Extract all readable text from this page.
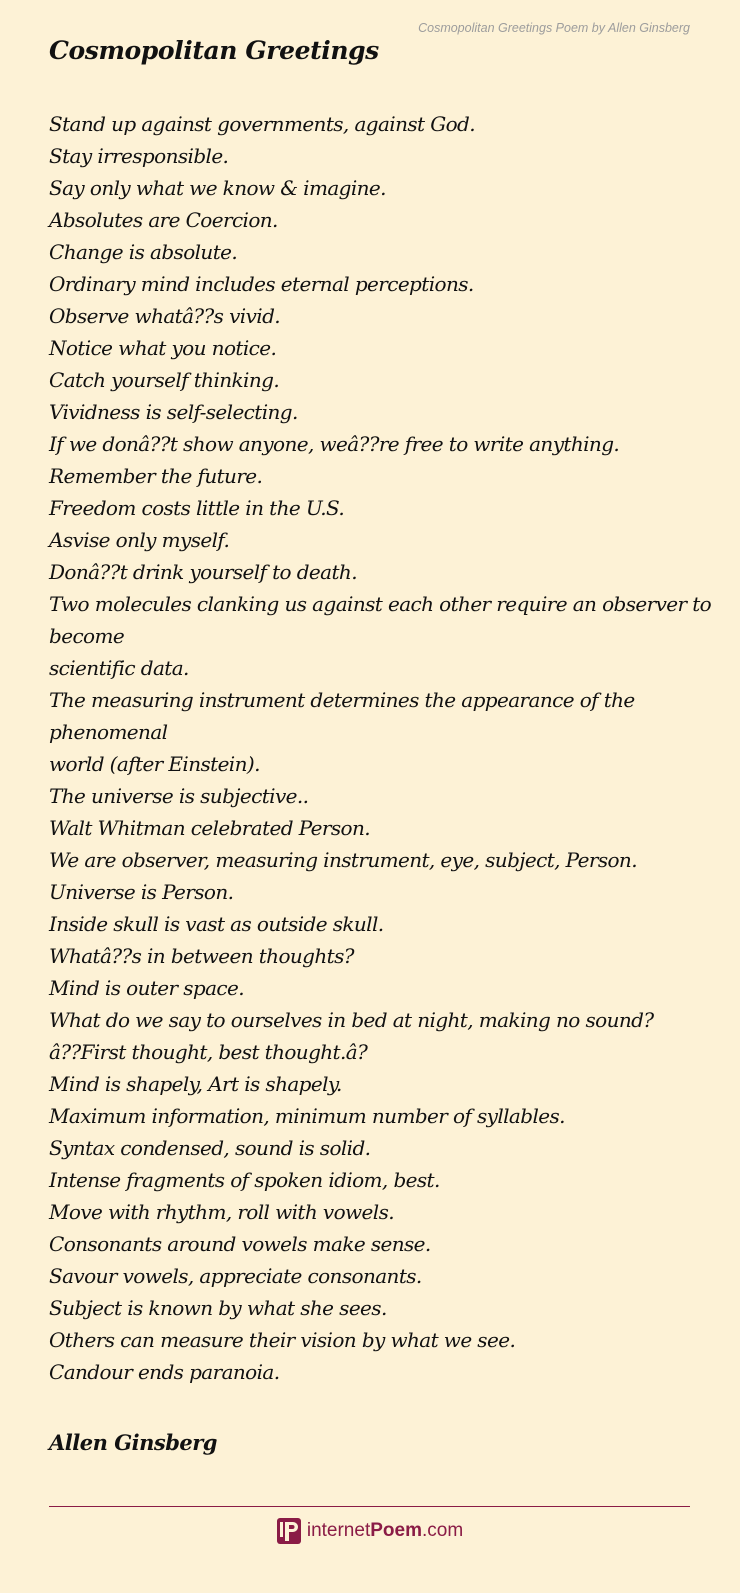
Cosmopolitan Greetings Poem by Allen Ginsberg
Cosmopolitan Greetings
Stand up against governments, against God.
Stay irresponsible.
Say only what we know & imagine.
Absolutes are Coercion.
Change is absolute.
Ordinary mind includes eternal perceptions.
Observe whatâ??s vivid.
Notice what you notice.
Catch yourself thinking.
Vividness is self-selecting.
If we donâ??t show anyone, weâ??re free to write anything.
Remember the future.
Freedom costs little in the U.S.
Asvise only myself.
Donâ??t drink yourself to death.
Two molecules clanking us against each other require an observer to
become
scientific data.
The measuring instrument determines the appearance of the
phenomenal
world (after Einstein).
The universe is subjective..
Walt Whitman celebrated Person.
We are observer, measuring instrument, eye, subject, Person.
Universe is Person.
Inside skull is vast as outside skull.
Whatâ??s in between thoughts?
Mind is outer space.
What do we say to ourselves in bed at night, making no sound?
â??First thought, best thought.â?
Mind is shapely, Art is shapely.
Maximum information, minimum number of syllables.
Syntax condensed, sound is solid.
Intense fragments of spoken idiom, best.
Move with rhythm, roll with vowels.
Consonants around vowels make sense.
Savour vowels, appreciate consonants.
Subject is known by what she sees.
Others can measure their vision by what we see.
Candour ends paranoia.
Allen Ginsberg
internetPoem.com
